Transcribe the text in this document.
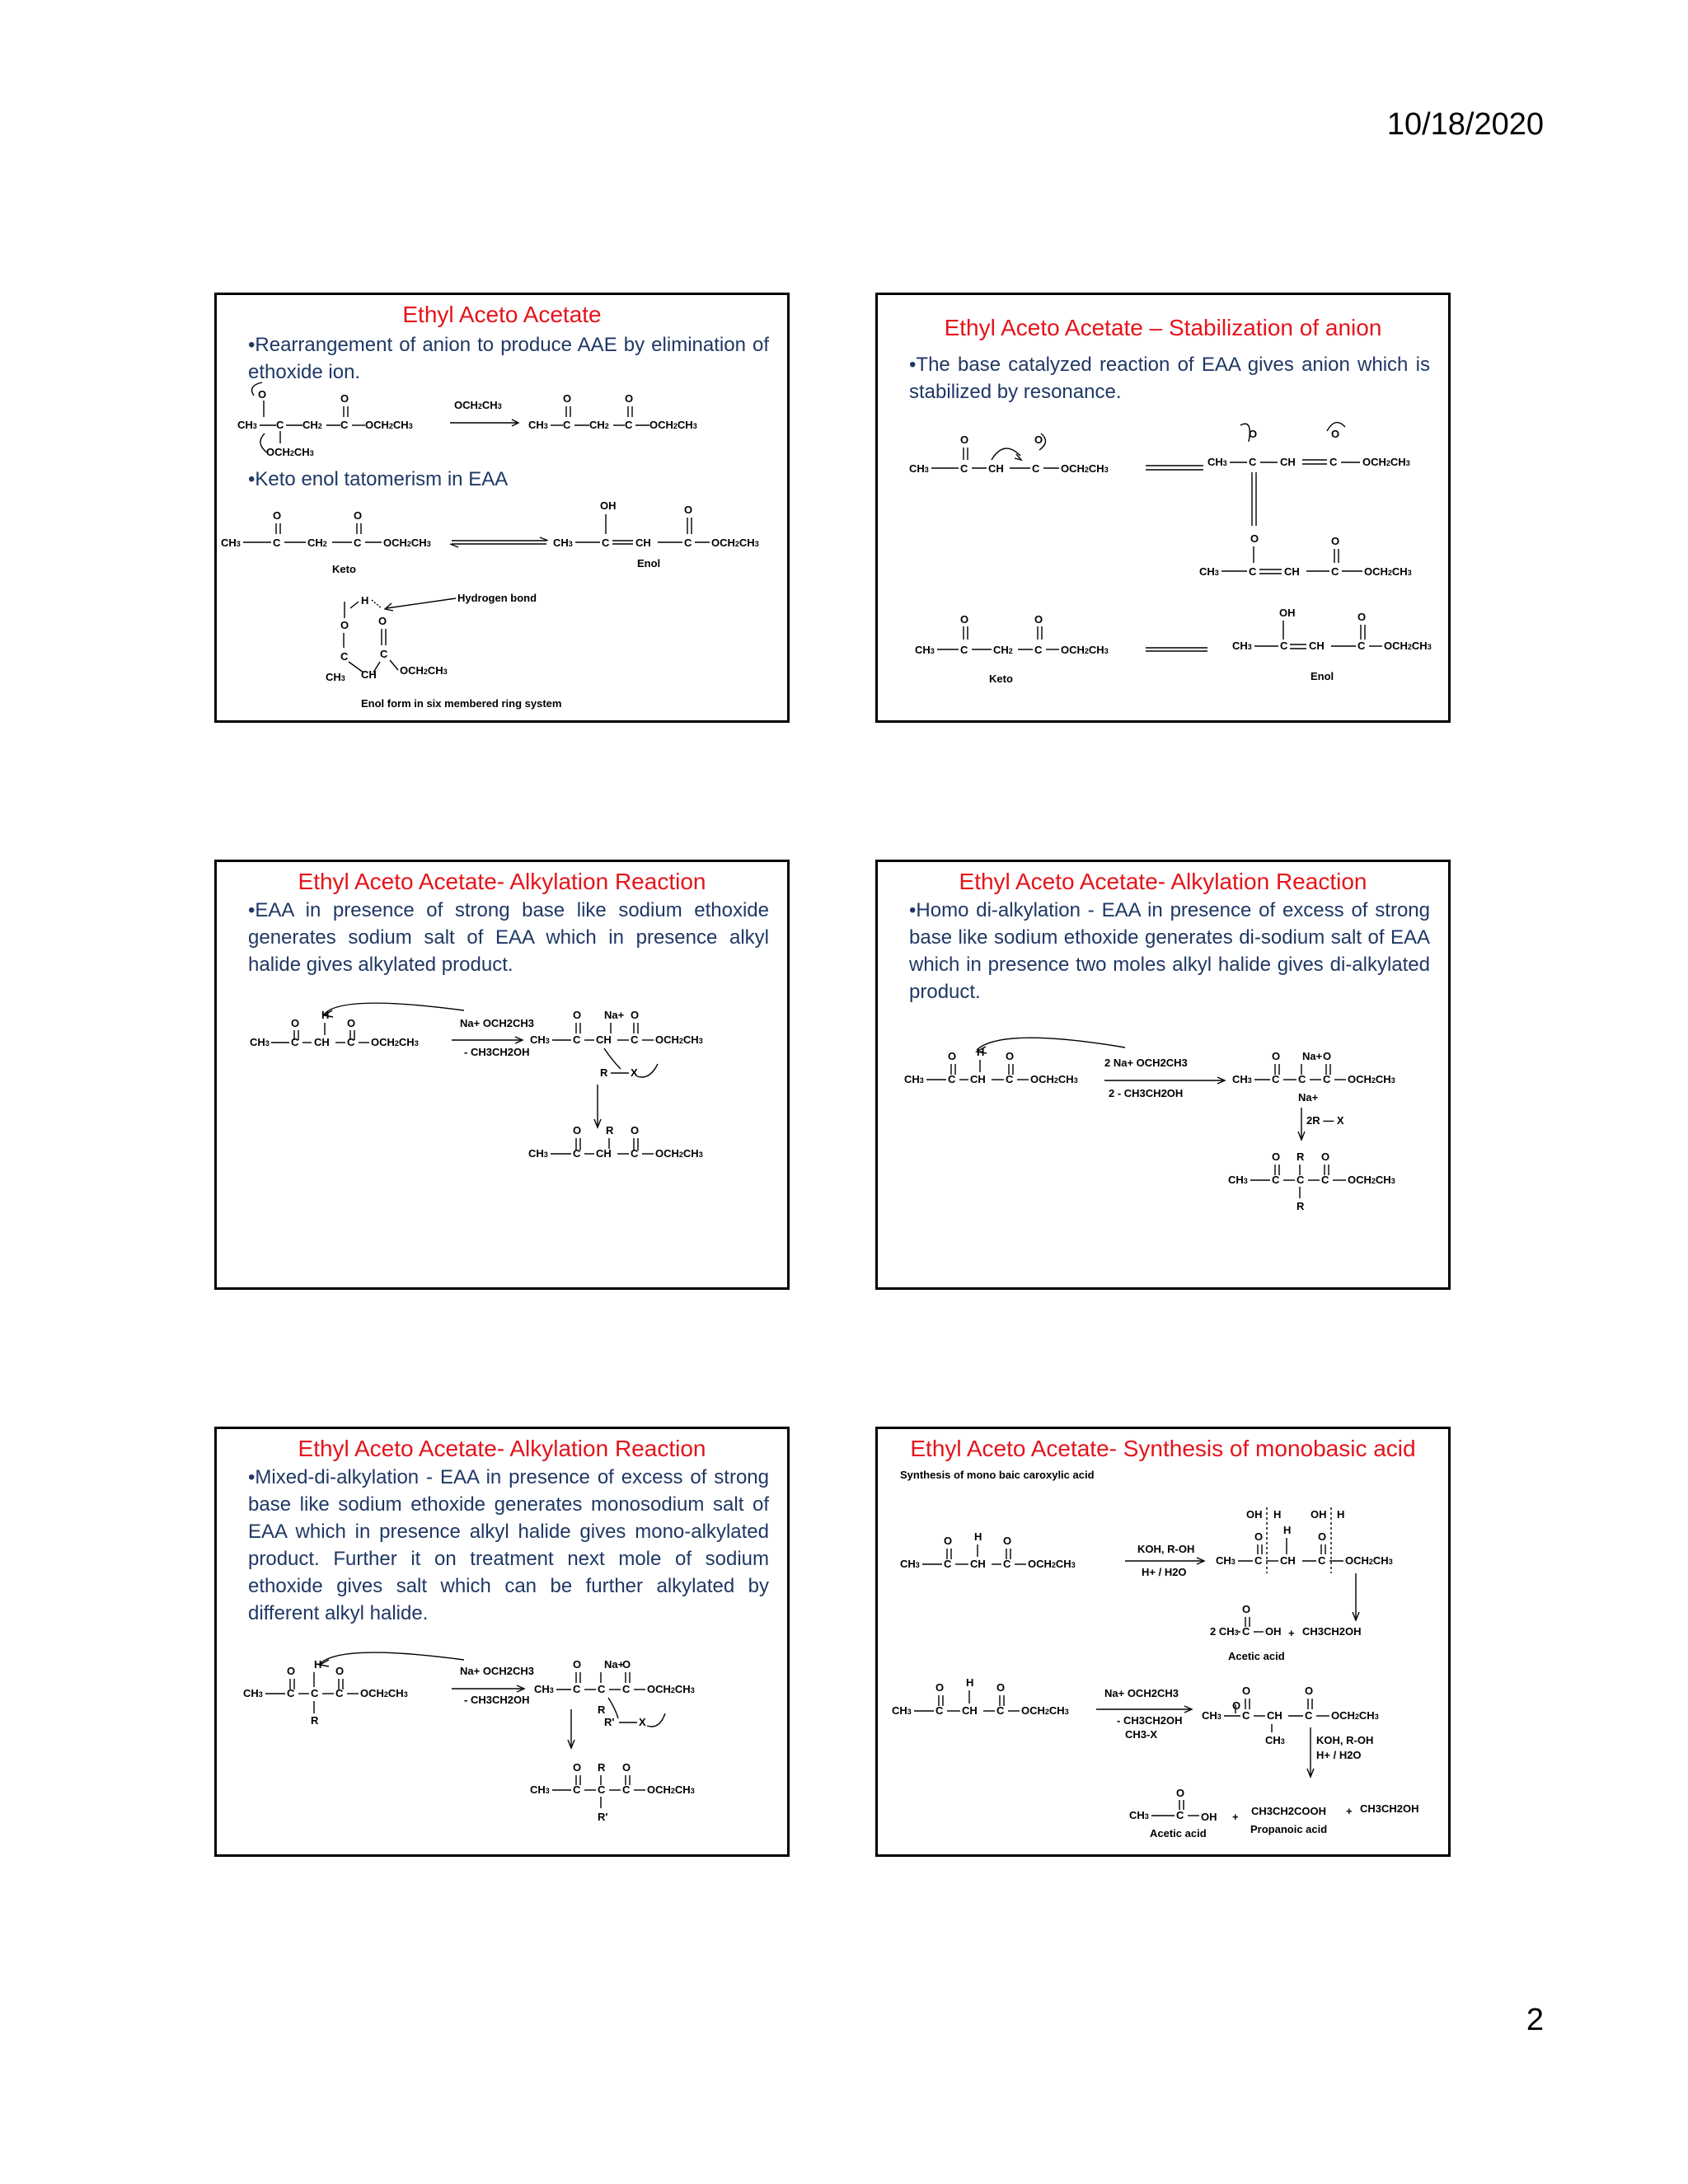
10/18/2020
Ethyl Aceto Acetate
•Rearrangement of anion to produce AAE by elimination of ethoxide ion.
•Keto enol tatomerism in EAA
O
CH3 C CH2 C
O
OCH2CH3
OCH2CH3
OCH2CH3
CH3 C
O
CH2 C
O
OCH2CH3
O
CH3	C	CH2 C
O
OCH2CH3
Keto
CH3	C
OH
CH	C
O
OCH2CH3
Enol
H	Hydrogen bond
O	O
C	C
CH3 CH OCH2CH3
Enol form in six membered ring system
Ethyl Aceto Acetate – Stabilization of anion
•The base catalyzed reaction of EAA gives anion which is stabilized by resonance.
O
CH3	C CH	C
O
OCH2CH3
CH3 C
O
CH	C
O
OCH2CH3
O
CH3	C	CH	C
O
OCH2CH3
O
CH3 C CH2 C
O
OCH2CH3
Keto
CH3	C
OH
CH	C
O
OCH2CH3
Enol
Ethyl Aceto Acetate- Alkylation Reaction
•EAA in presence of strong base like sodium ethoxide generates sodium salt of EAA which in presence alkyl halide gives alkylated product.
O
CH3 C CH
H
C
O
OCH2CH3
Na+ OCH2CH3
- CH3CH2OH
CH3 C
O
CH
Na+
C
O
OCH2CH3
R X
O
CH3 C CH
R
C
O
OCH2CH3
Ethyl Aceto Acetate- Alkylation Reaction
•Homo di-alkylation - EAA in presence of excess of strong base like sodium ethoxide generates di-sodium salt of EAA which in presence two moles alkyl halide gives di-alkylated product.
O
CH3 C CH
H
C
O
OCH2CH3
2 Na+ OCH2CH3
2 - CH3CH2OH
CH3 C
O
C
Na+
Na+
C
O
OCH2CH3
2R — X
O
CH3 C C
R
R
C
O
OCH2CH3
Ethyl Aceto Acetate- Alkylation Reaction
•Mixed-di-alkylation - EAA in presence of excess of strong base like sodium ethoxide generates monosodium salt of EAA which in presence alkyl halide gives mono-alkylated product. Further it on treatment next mole of sodium ethoxide gives salt which can be further alkylated by different alkyl halide.
O
CH3 C C
H
R
C
O
OCH2CH3
Na+ OCH2CH3
- CH3CH2OH
CH3 C
O
C
Na+
C
O
OCH2CH3
R
R' X
O
CH3 C C
R
R'
C
O
OCH2CH3
Ethyl Aceto Acetate- Synthesis of monobasic acid
Synthesis of mono baic caroxylic acid
O
CH3 C CH
H
C
O
OCH2CH3
KOH, R-OH
H+ / H2O
CH3 C
O
OH H
CH
H
C
O
OH H
OCH2CH3
O
2 CH3 C OH + CH3CH2OH
Acetic acid
O
CH3 C CH
H
C
O
OCH2CH3
Na+ OCH2CH3
- CH3CH2OH
CH3-X
O
CH3 C
O
CH
CH3
C
O
OCH2CH3
KOH, R-OH
H+ / H2O
O
CH3	C OH
Acetic acid
+ CH3CH2COOH
Propanoic acid
+ CH3CH2OH
2
